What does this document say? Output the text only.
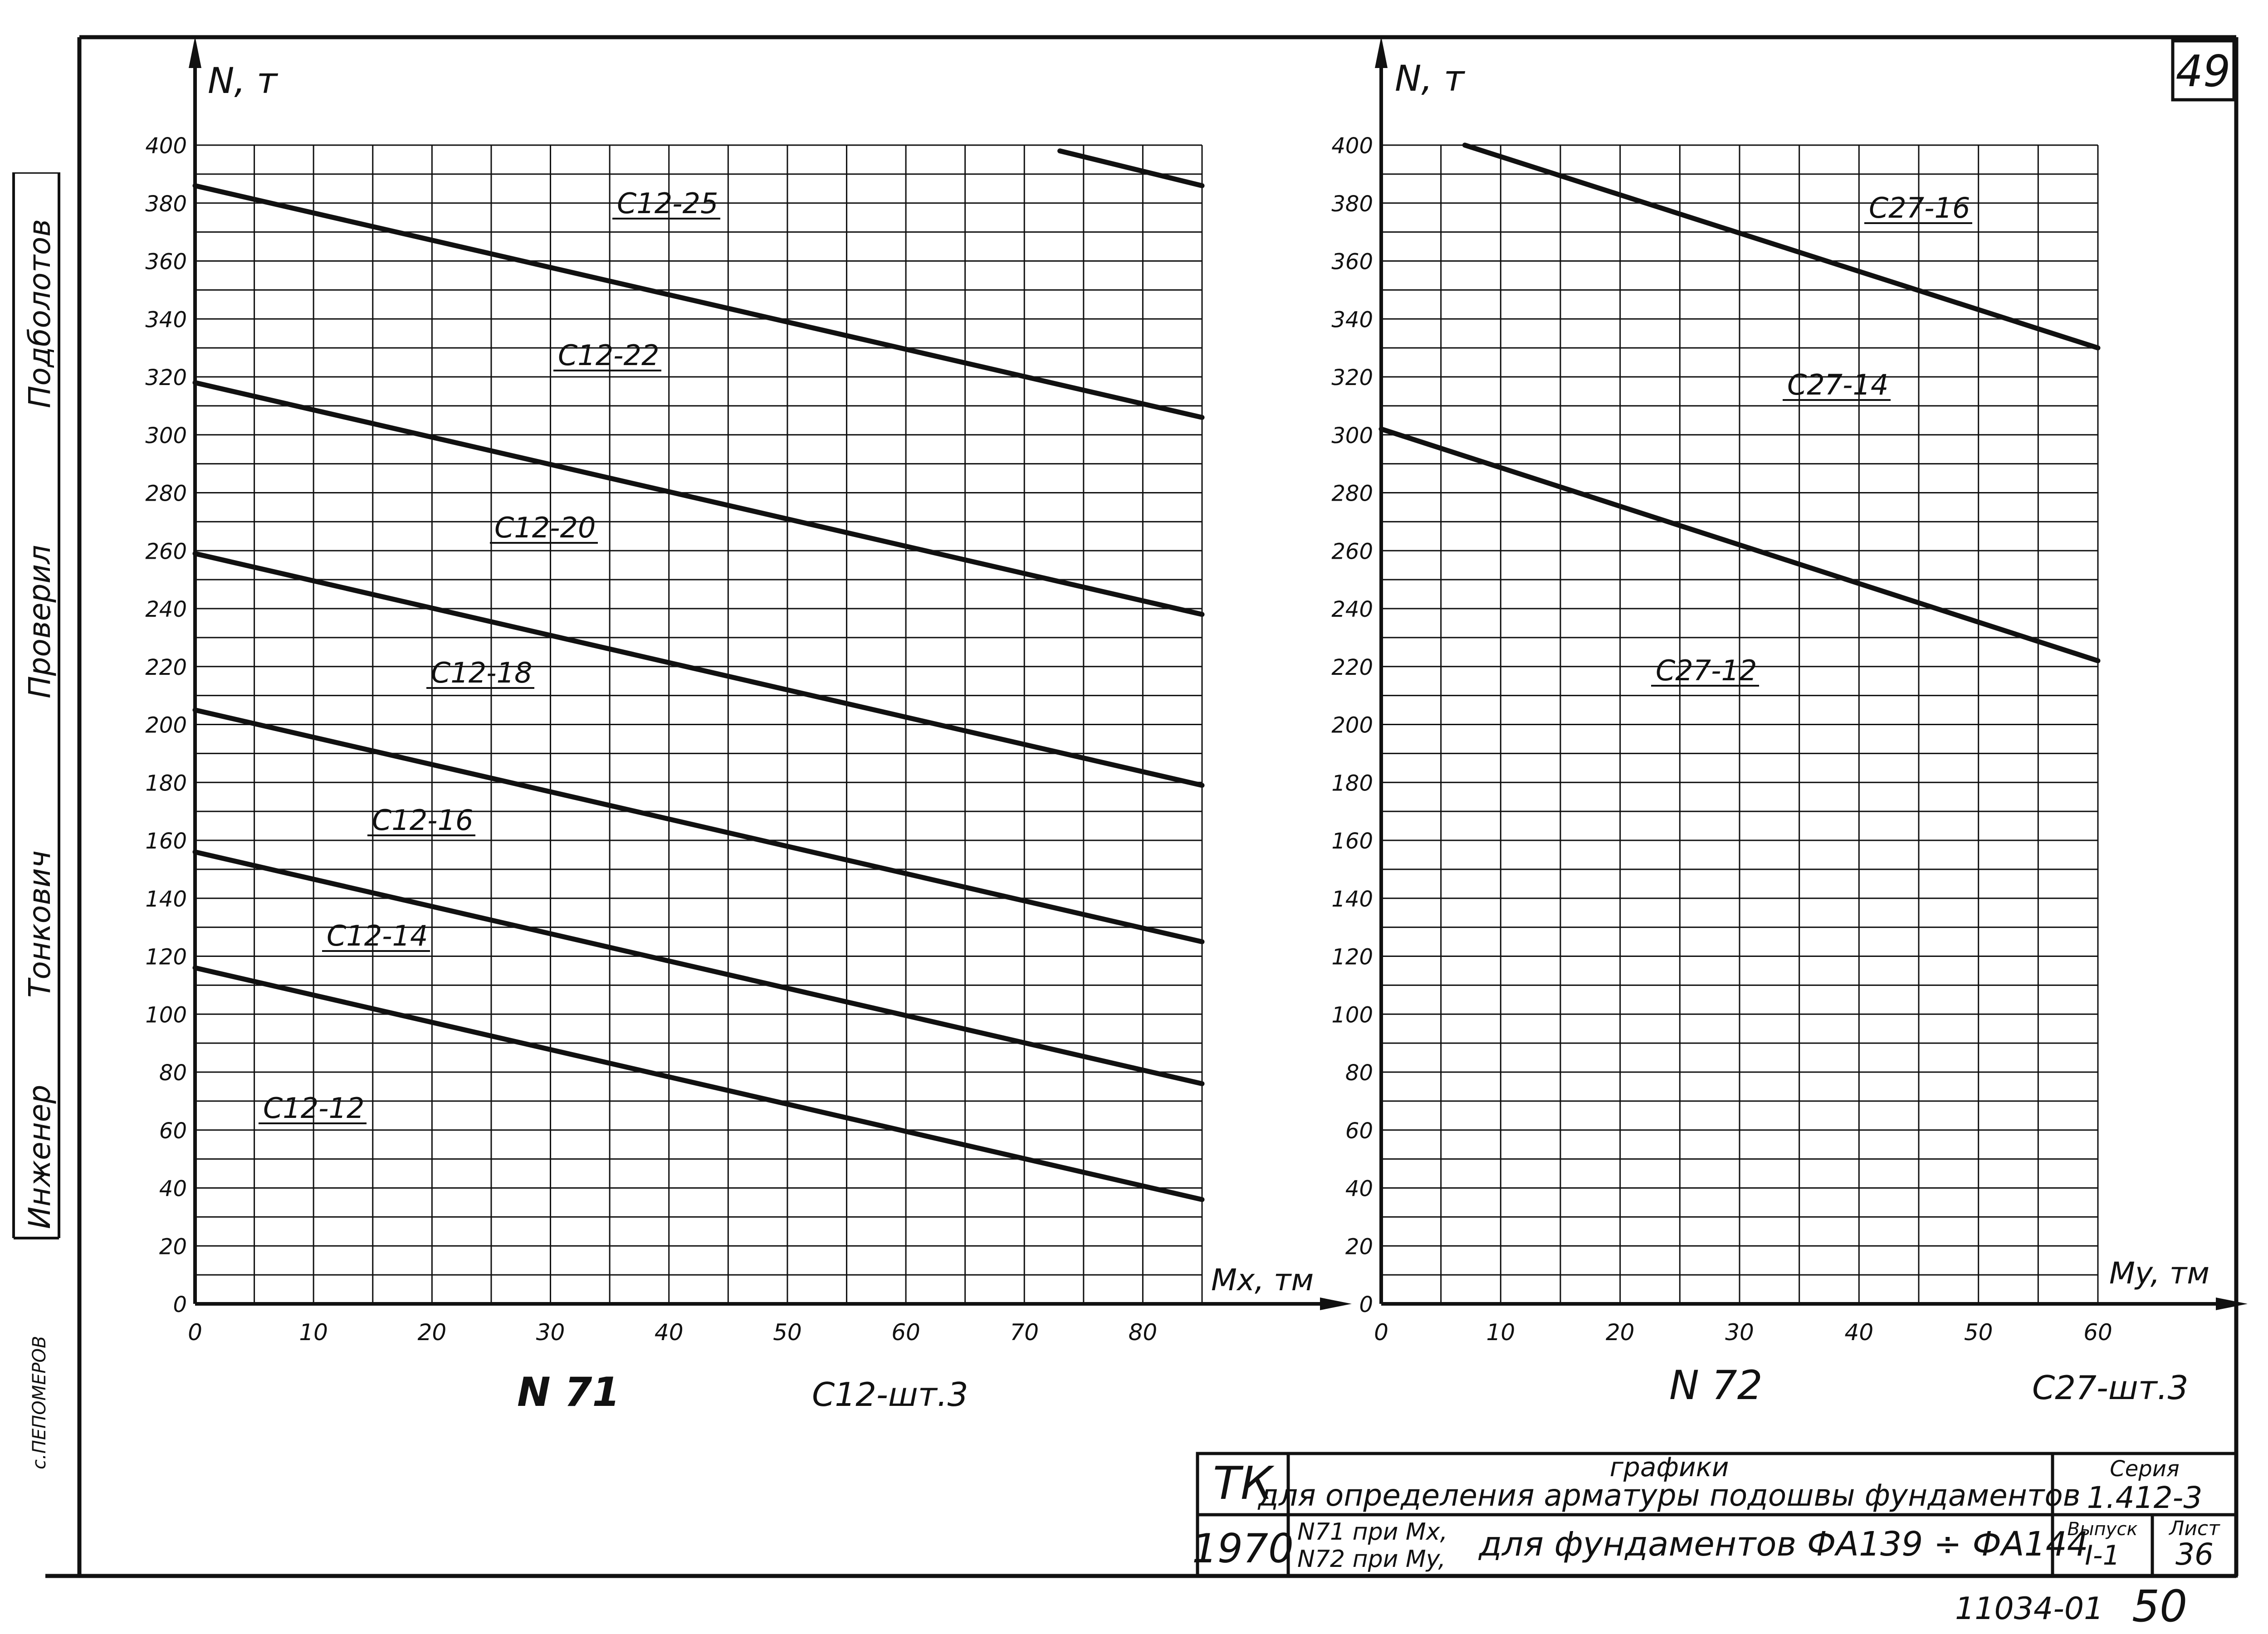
49
0
20
40
60
80
100
120
140
160
180
200
220
240
260
280
300
320
340
360
380
400
0	10	20	30	40	50	60	70	80
C12-25
C12-22
C12-20
C12-18
C12-16
C12-14
C12-12
N, т
Mx, тм
N 71	C12-шт.3
0
20
40
60
80
100
120
140
160
180
200
220
240
260
280
300
320
340
360
380
400
0	10	20	30	40	50	60
C27-16
C27-14
C27-12
N, т
My, тм
N 72	C27-шт.3
ТК
1970
графики
для определения арматуры подошвы фундаментов
N71 при Mx,
N72 при My, для фундаментов ФА139 ÷ ФА144
Серия
1.412-3
Выпуск
I-1
Лист
36
11034-01 50
Инженер
Тонкович
Проверил
Подболотов
с.ПЕПОМЕРОВ
